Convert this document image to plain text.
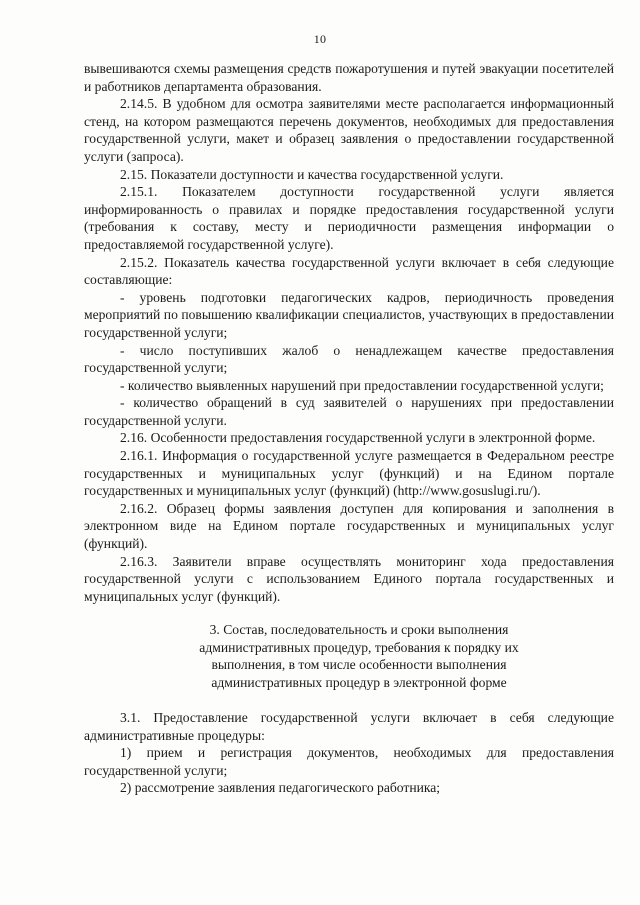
10

вывешиваются схемы размещения средств пожаротушения и путей эвакуации посетителей и работников департамента образования.

2.14.5. В удобном для осмотра заявителями месте располагается информационный стенд, на котором размещаются перечень документов, необходимых для предоставления государственной услуги, макет и образец заявления о предоставлении государственной услуги (запроса).

2.15. Показатели доступности и качества государственной услуги.

2.15.1. Показателем доступности государственной услуги является информированность о правилах и порядке предоставления государственной услуги (требования к составу, месту и периодичности размещения информации о предоставляемой государственной услуге).

2.15.2. Показатель качества государственной услуги включает в себя следующие составляющие:

- уровень подготовки педагогических кадров, периодичность проведения мероприятий по повышению квалификации специалистов, участвующих в предоставлении государственной услуги;

- число поступивших жалоб о ненадлежащем качестве предоставления государственной услуги;

- количество выявленных нарушений при предоставлении государственной услуги;

- количество обращений в суд заявителей о нарушениях при предоставлении государственной услуги.

2.16. Особенности предоставления государственной услуги в электронной форме.

2.16.1. Информация о государственной услуге размещается в Федеральном реестре государственных и муниципальных услуг (функций) и на Едином портале государственных и муниципальных услуг (функций) (http://www.gosuslugi.ru/).

2.16.2. Образец формы заявления доступен для копирования и заполнения в электронном виде на Едином портале государственных и муниципальных услуг (функций).

2.16.3. Заявители вправе осуществлять мониторинг хода предоставления государственной услуги с использованием Единого портала государственных и муниципальных услуг (функций).

3. Состав, последовательность и сроки выполнения
административных процедур, требования к порядку их
выполнения, в том числе особенности выполнения
административных процедур в электронной форме

3.1. Предоставление государственной услуги включает в себя следующие административные процедуры:

1) прием и регистрация документов, необходимых для предоставления государственной услуги;

2) рассмотрение заявления педагогического работника;
